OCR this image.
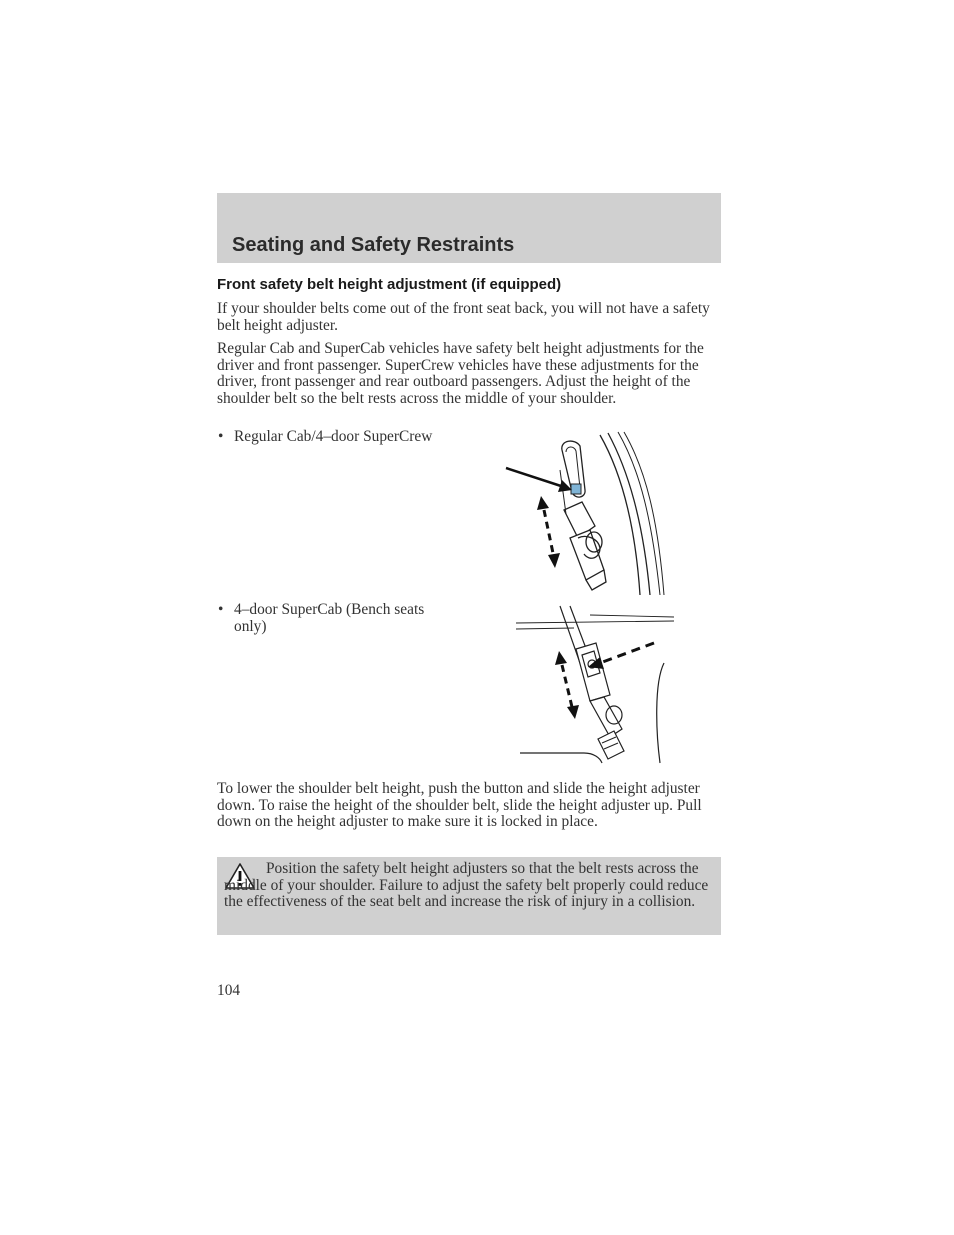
Seating and Safety Restraints
Front safety belt height adjustment (if equipped)

If your shoulder belts come out of the front seat back, you will not have a safety belt height adjuster.

Regular Cab and SuperCab vehicles have safety belt height adjustments for the driver and front passenger. SuperCrew vehicles have these adjustments for the driver, front passenger and rear outboard passengers. Adjust the height of the shoulder belt so the belt rests across the middle of your shoulder.

• Regular Cab/4–door SuperCrew
• 4–door SuperCab (Bench seats only)

To lower the shoulder belt height, push the button and slide the height adjuster down. To raise the height of the shoulder belt, slide the height adjuster up. Pull down on the height adjuster to make sure it is locked in place.

Position the safety belt height adjusters so that the belt rests across the middle of your shoulder. Failure to adjust the safety belt properly could reduce the effectiveness of the seat belt and increase the risk of injury in a collision.

104
